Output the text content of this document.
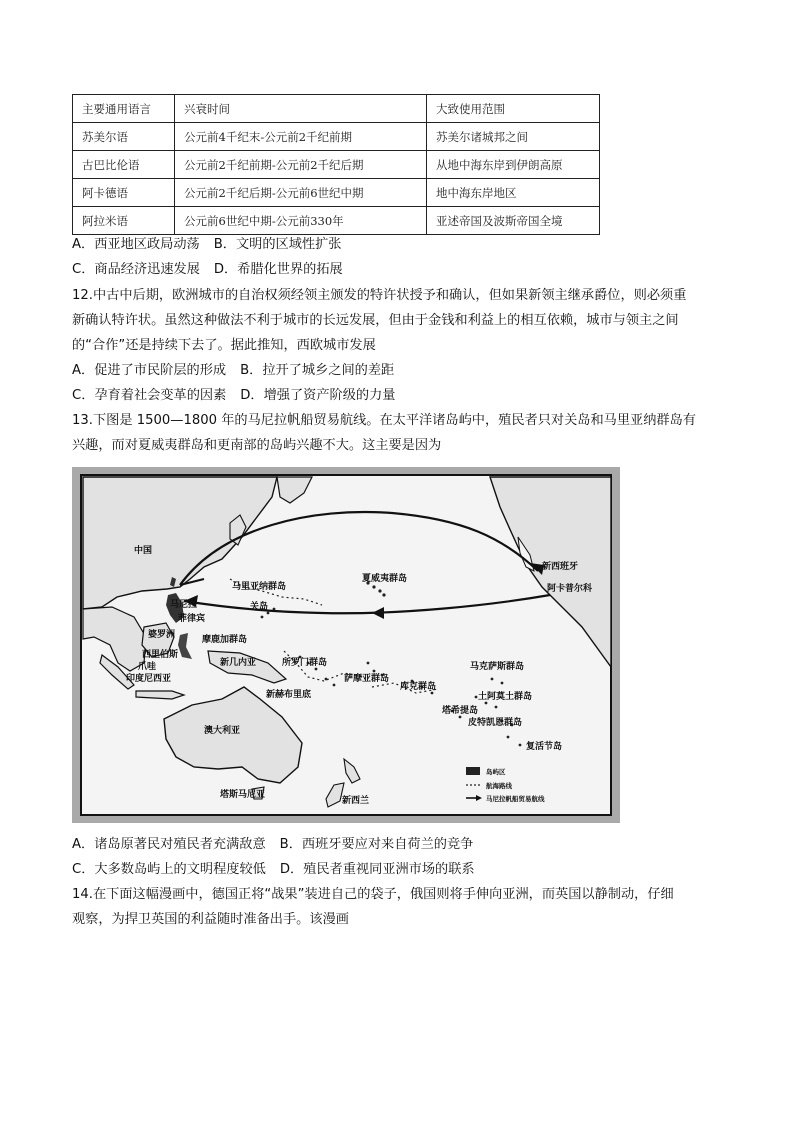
主要通用语言	兴衰时间	大致使用范围
苏美尔语	公元前4千纪末-公元前2千纪前期	苏美尔诸城邦之间
古巴比伦语	公元前2千纪前期-公元前2千纪后期	从地中海东岸到伊朗高原
阿卡德语	公元前2千纪后期-公元前6世纪中期	地中海东岸地区
阿拉米语	公元前6世纪中期-公元前330年	亚述帝国及波斯帝国全境
A．西亚地区政局动荡 B．文明的区域性扩张
C．商品经济迅速发展 D．希腊化世界的拓展
12.中古中后期，欧洲城市的自治权须经领主颁发的特许状授予和确认，但如果新领主继承爵位，则必须重
新确认特许状。虽然这种做法不利于城市的长远发展，但由于金钱和利益上的相互依赖，城市与领主之间
的“合作”还是持续下去了。据此推知，西欧城市发展
A．促进了市民阶层的形成 B．拉开了城乡之间的差距
C．孕育着社会变革的因素 D．增强了资产阶级的力量
13.下图是 1500—1800 年的马尼拉帆船贸易航线。在太平洋诸岛屿中，殖民者只对关岛和马里亚纳群岛有
兴趣，而对夏威夷群岛和更南部的岛屿兴趣不大。这主要是因为
中国
马里亚纳群岛
夏威夷群岛
新西班牙
阿卡普尔科
马尼拉	关岛
菲律宾
婆罗洲	摩鹿加群岛
西里伯斯
爪哇
印度尼西亚
新几内亚	所罗门群岛
新赫布里底
萨摩亚群岛
库克群岛
马克萨斯群岛
土阿莫土群岛
塔希提岛
皮特凯恩群岛
复活节岛
澳大利亚
塔斯马尼亚
新西兰
岛屿区
航海路线
马尼拉帆船贸易航线
A．诸岛原著民对殖民者充满敌意 B．西班牙要应对来自荷兰的竞争
C．大多数岛屿上的文明程度较低 D．殖民者重视同亚洲市场的联系
14.在下面这幅漫画中，德国正将“战果”装进自己的袋子，俄国则将手伸向亚洲，而英国以静制动，仔细
观察，为捍卫英国的利益随时准备出手。该漫画
